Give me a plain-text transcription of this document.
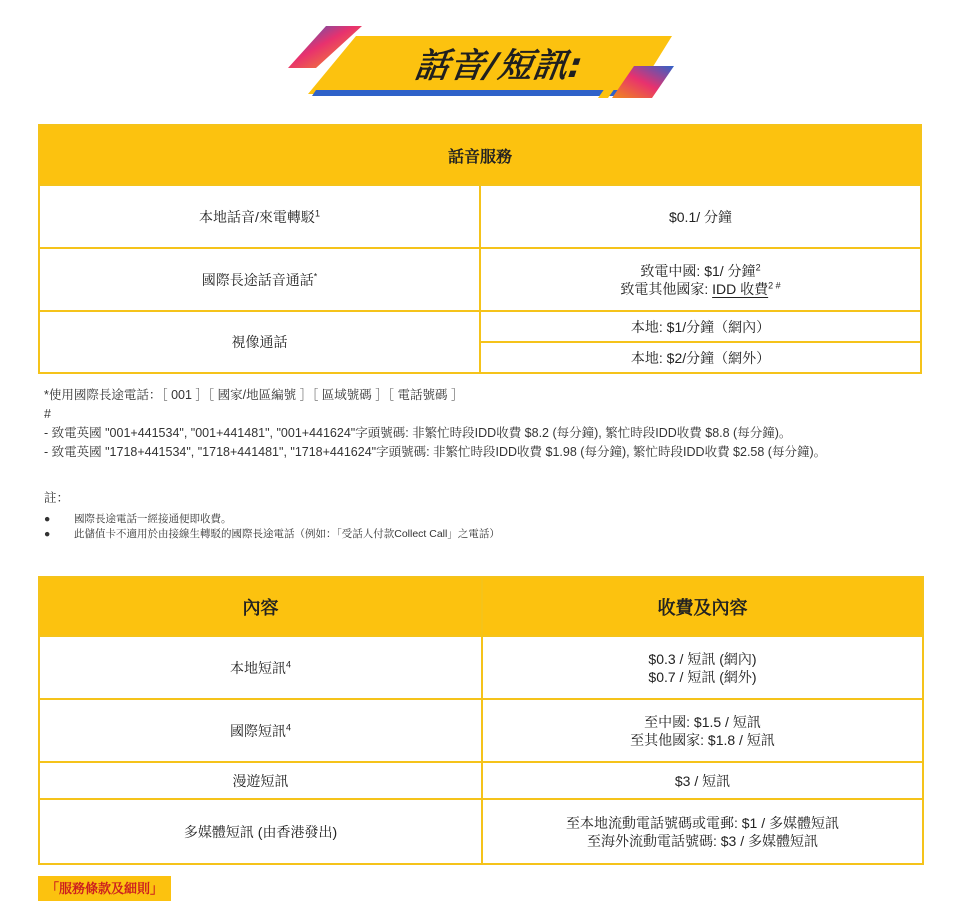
話音/短訊:
話音服務	
本地話音/來電轉駁$^1$	$0.1/ 分鐘
國際長途話音通話*	致電中國: $1/ 分鐘$^2$
致電其他國家: IDD 收費$^{2 \#}$

視像通話	本地: $1/分鐘（網內）
	本地: $2/分鐘（網外）
*使用國際長途電話：［ 001 ］［ 國家/地區編號 ］［ 區域號碼 ］［ 電話號碼 ］
#
- 致電英國 "001+441534", "001+441481", "001+441624"字頭號碼: 非繁忙時段IDD收費 $8.2 (每分鐘), 繁忙時段IDD收費 $8.8 (每分鐘)。
- 致電英國 "1718+441534", "1718+441481", "1718+441624"字頭號碼: 非繁忙時段IDD收費 $1.98 (每分鐘), 繁忙時段IDD收費 $2.58 (每分鐘)。
註：
●	國際長途電話一經接通便即收費。
●	此儲值卡不適用於由接線生轉駁的國際長途電話（例如：「受話人付款Collect Call」之電話）
內容	收費及內容
本地短訊$^4$	$0.3 / 短訊 (網內)
$0.7 / 短訊 (網外)

國際短訊$^4$	至中國: $1.5 / 短訊
至其他國家: $1.8 / 短訊

漫遊短訊	$3 / 短訊
多媒體短訊 (由香港發出)	至本地流動電話號碼或電郵: $1 / 多媒體短訊
至海外流動電話號碼: $3 / 多媒體短訊
「服務條款及細則」
